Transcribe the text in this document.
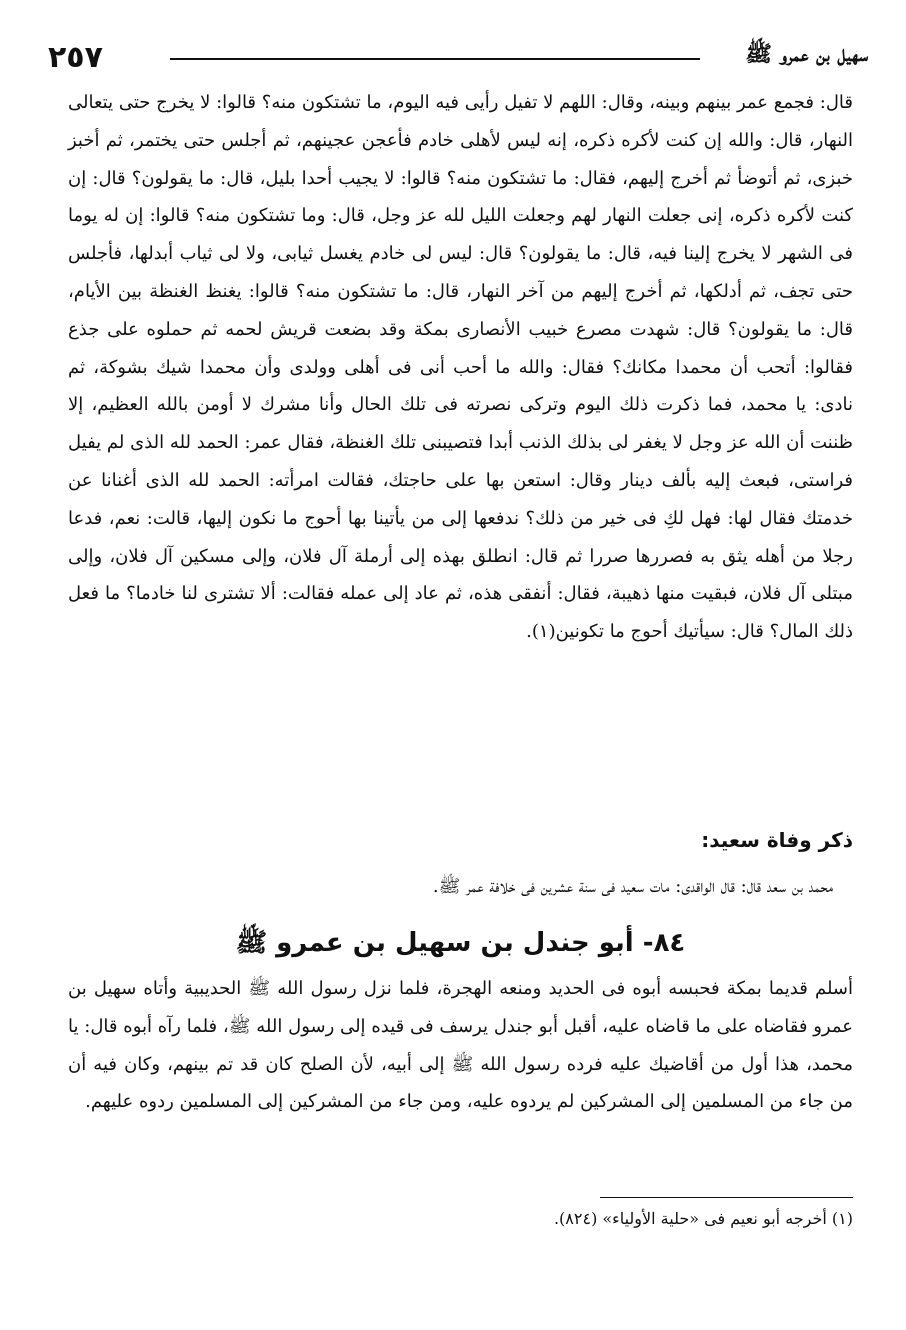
٢٥٧	سهيل بن عمرو ﷺ

قال: فجمع عمر بينهم وبينه، وقال: اللهم لا تفيل رأيى فيه اليوم، ما تشتكون منه؟ قالوا: لا يخرج حتى يتعالى النهار، قال: والله إن كنت لأكره ذكره، إنه ليس لأهلى خادم فأعجن عجينهم، ثم أجلس حتى يختمر، ثم أخبز خبزى، ثم أتوضأ ثم أخرج إليهم، فقال: ما تشتكون منه؟ قالوا: لا يجيب أحدا بليل، قال: ما يقولون؟ قال: إن كنت لأكره ذكره، إنى جعلت النهار لهم وجعلت الليل لله عز وجل، قال: وما تشتكون منه؟ قالوا: إن له يوما فى الشهر لا يخرج إلينا فيه، قال: ما يقولون؟ قال: ليس لى خادم يغسل ثيابى، ولا لى ثياب أبدلها، فأجلس حتى تجف، ثم أدلكها، ثم أخرج إليهم من آخر النهار، قال: ما تشتكون منه؟ قالوا: يغنظ الغنظة بين الأيام، قال: ما يقولون؟ قال: شهدت مصرع خبيب الأنصارى بمكة وقد بضعت قريش لحمه ثم حملوه على جذع فقالوا: أتحب أن محمدا مكانك؟ فقال: والله ما أحب أنى فى أهلى وولدى وأن محمدا شيك بشوكة، ثم نادى: يا محمد، فما ذكرت ذلك اليوم وتركى نصرته فى تلك الحال وأنا مشرك لا أومن بالله العظيم، إلا ظننت أن الله عز وجل لا يغفر لى بذلك الذنب أبدا فتصيبنى تلك الغنظة، فقال عمر: الحمد لله الذى لم يفيل فراستى، فبعث إليه بألف دينار وقال: استعن بها على حاجتك، فقالت امرأته: الحمد لله الذى أغنانا عن خدمتك فقال لها: فهل لكِ فى خير من ذلك؟ ندفعها إلى من يأتينا بها أحوج ما نكون إليها، قالت: نعم، فدعا رجلا من أهله يثق به فصررها صررا ثم قال: انطلق بهذه إلى أرملة آل فلان، وإلى مسكين آل فلان، وإلى مبتلى آل فلان، فبقيت منها ذهيبة، فقال: أنفقى هذه، ثم عاد إلى عمله فقالت: ألا تشترى لنا خادما؟ ما فعل ذلك المال؟ قال: سيأتيك أحوج ما تكونين(١).

ذكر وفاة سعيد:
محمد بن سعد قال: قال الواقدى: مات سعيد فى سنة عشرين فى خلافة عمر ﷺ.
٨٤- أبو جندل بن سهيل بن عمرو ﷺ
أسلم قديما بمكة فحبسه أبوه فى الحديد ومنعه الهجرة، فلما نزل رسول الله ﷺ الحديبية وأتاه سهيل بن عمرو فقاضاه على ما قاضاه عليه، أقبل أبو جندل يرسف فى قيده إلى رسول الله ﷺ، فلما رآه أبوه قال: يا محمد، هذا أول من أقاضيك عليه فرده رسول الله ﷺ إلى أبيه، لأن الصلح كان قد تم بينهم، وكان فيه أن من جاء من المسلمين إلى المشركين لم يردوه عليه، ومن جاء من المشركين إلى المسلمين ردوه عليهم.
(١) أخرجه أبو نعيم فى «حلية الأولياء» (٨٢٤).
